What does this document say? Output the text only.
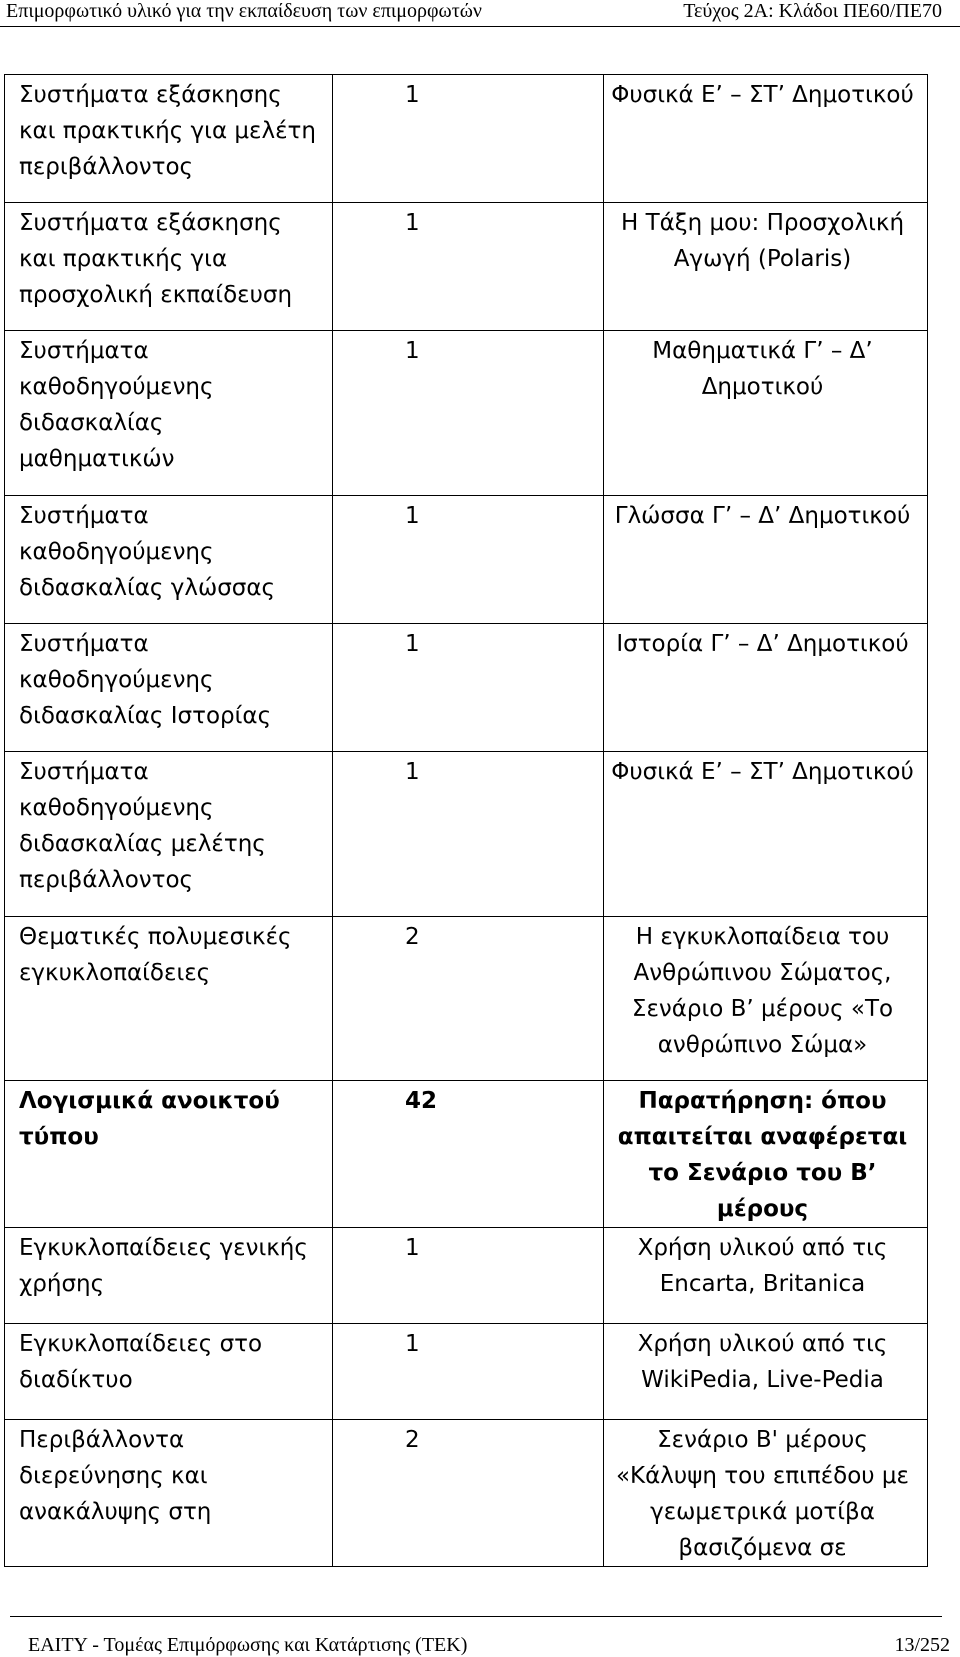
Επιμορφωτικό υλικό για την εκπαίδευση των επιμορφωτών	Τεύχος 2Α: Κλάδοι ΠΕ60/ΠΕ70
Συστήματα εξάσκησης και πρακτικής για μελέτη περιβάλλοντος	1	Φυσικά Ε’ – ΣΤ’ Δημοτικού
Συστήματα εξάσκησης και πρακτικής για προσχολική εκπαίδευση	1	Η Τάξη μου: Προσχολική Αγωγή (Polaris)
Συστήματα καθοδηγούμενης διδασκαλίας μαθηματικών	1	Μαθηματικά Γ’ – Δ’ Δημοτικού
Συστήματα καθοδηγούμενης διδασκαλίας γλώσσας	1	Γλώσσα Γ’ – Δ’ Δημοτικού
Συστήματα καθοδηγούμενης διδασκαλίας Ιστορίας	1	Ιστορία Γ’ – Δ’ Δημοτικού
Συστήματα καθοδηγούμενης διδασκαλίας μελέτης περιβάλλοντος	1	Φυσικά Ε’ – ΣΤ’ Δημοτικού
Θεματικές πολυμεσικές εγκυκλοπαίδειες	2	Η εγκυκλοπαίδεια του Ανθρώπινου Σώματος, Σενάριο Β’ μέρους «Το ανθρώπινο Σώμα»
Λογισμικά ανοικτού τύπου	42	Παρατήρηση: όπου απαιτείται αναφέρεται το Σενάριο του Β’ μέρους
Εγκυκλοπαίδειες γενικής χρήσης	1	Χρήση υλικού από τις Encarta, Britanica
Εγκυκλοπαίδειες στο διαδίκτυο	1	Χρήση υλικού από τις WikiPedia, Live-Pedia
Περιβάλλοντα διερεύνησης και ανακάλυψης στη	2	Σενάριο Β' μέρους «Κάλυψη του επιπέδου με γεωμετρικά μοτίβα βασιζόμενα σε
ΕΑΙΤΥ - Τομέας Επιμόρφωσης και Κατάρτισης (ΤΕΚ)	13/252
